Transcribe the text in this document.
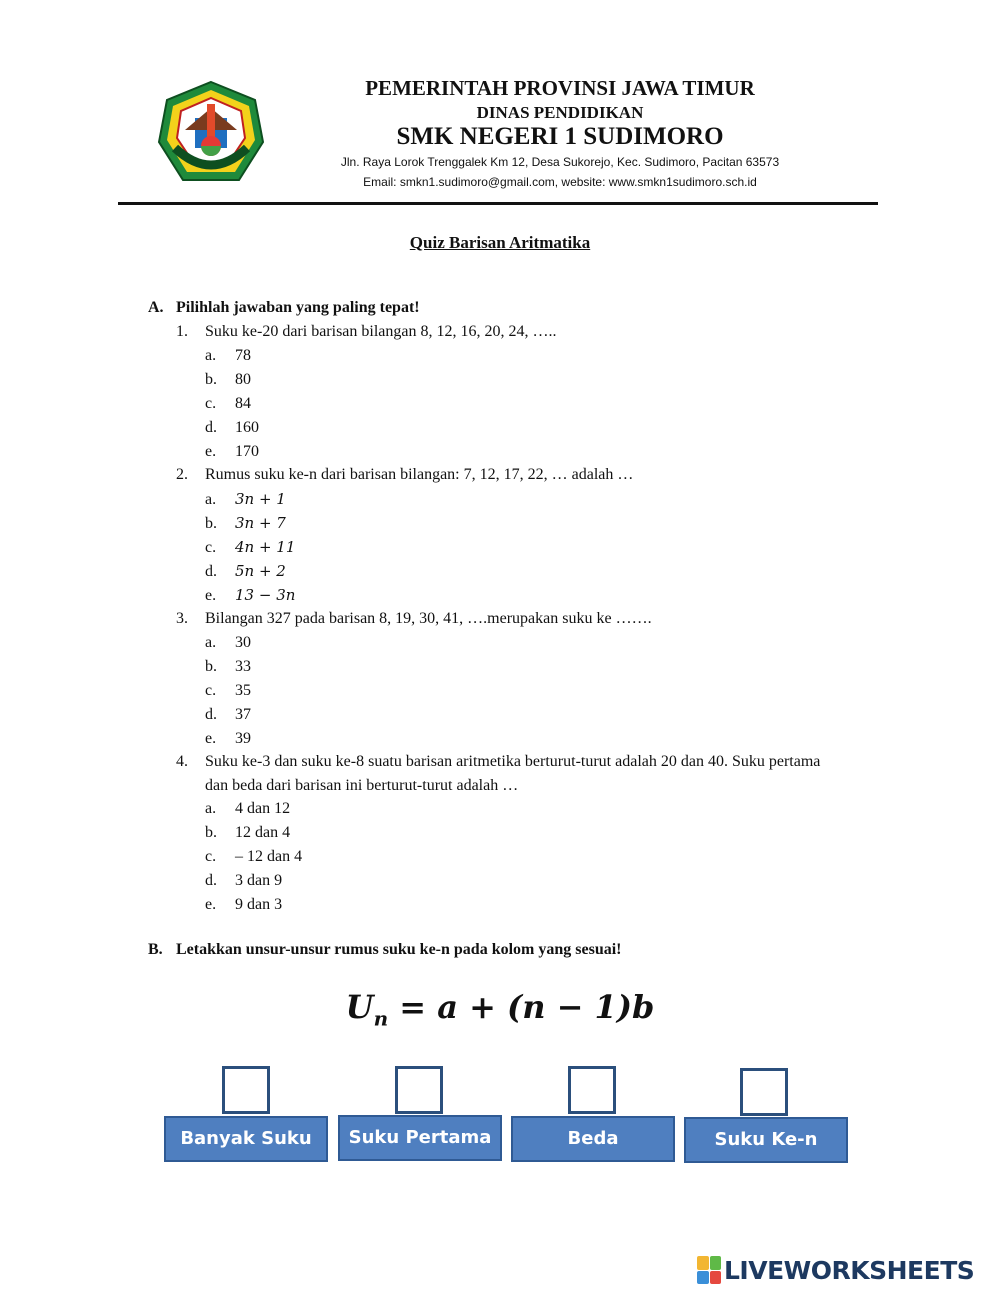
PEMERINTAH PROVINSI JAWA TIMUR
DINAS PENDIDIKAN
SMK NEGERI 1 SUDIMORO
Jln. Raya Lorok Trenggalek Km 12, Desa Sukorejo, Kec. Sudimoro, Pacitan 63573
Email: smkn1.sudimoro@gmail.com, website: www.smkn1sudimoro.sch.id
Quiz Barisan Aritmatika
A. Pilihlah jawaban yang paling tepat!
1. Suku ke-20 dari barisan bilangan 8, 12, 16, 20, 24, …..
a. 78
b. 80
c. 84
d. 160
e. 170
2. Rumus suku ke-n dari barisan bilangan: 7, 12, 17, 22, … adalah …
a. 3n + 1
b. 3n + 7
c. 4n + 11
d. 5n + 2
e. 13 − 3n
3. Bilangan 327 pada barisan 8, 19, 30, 41, ….merupakan suku ke …….
a. 30
b. 33
c. 35
d. 37
e. 39
4. Suku ke-3 dan suku ke-8 suatu barisan aritmetika berturut-turut adalah 20 dan 40. Suku pertama dan beda dari barisan ini berturut-turut adalah …
a. 4 dan 12
b. 12 dan 4
c. – 12 dan 4
d. 3 dan 9
e. 9 dan 3
B. Letakkan unsur-unsur rumus suku ke-n pada kolom yang sesuai!
$U_n = a + (n - 1)b$
Banyak Suku	Suku Pertama	Beda	Suku Ke-n
LIVEWORKSHEETS
